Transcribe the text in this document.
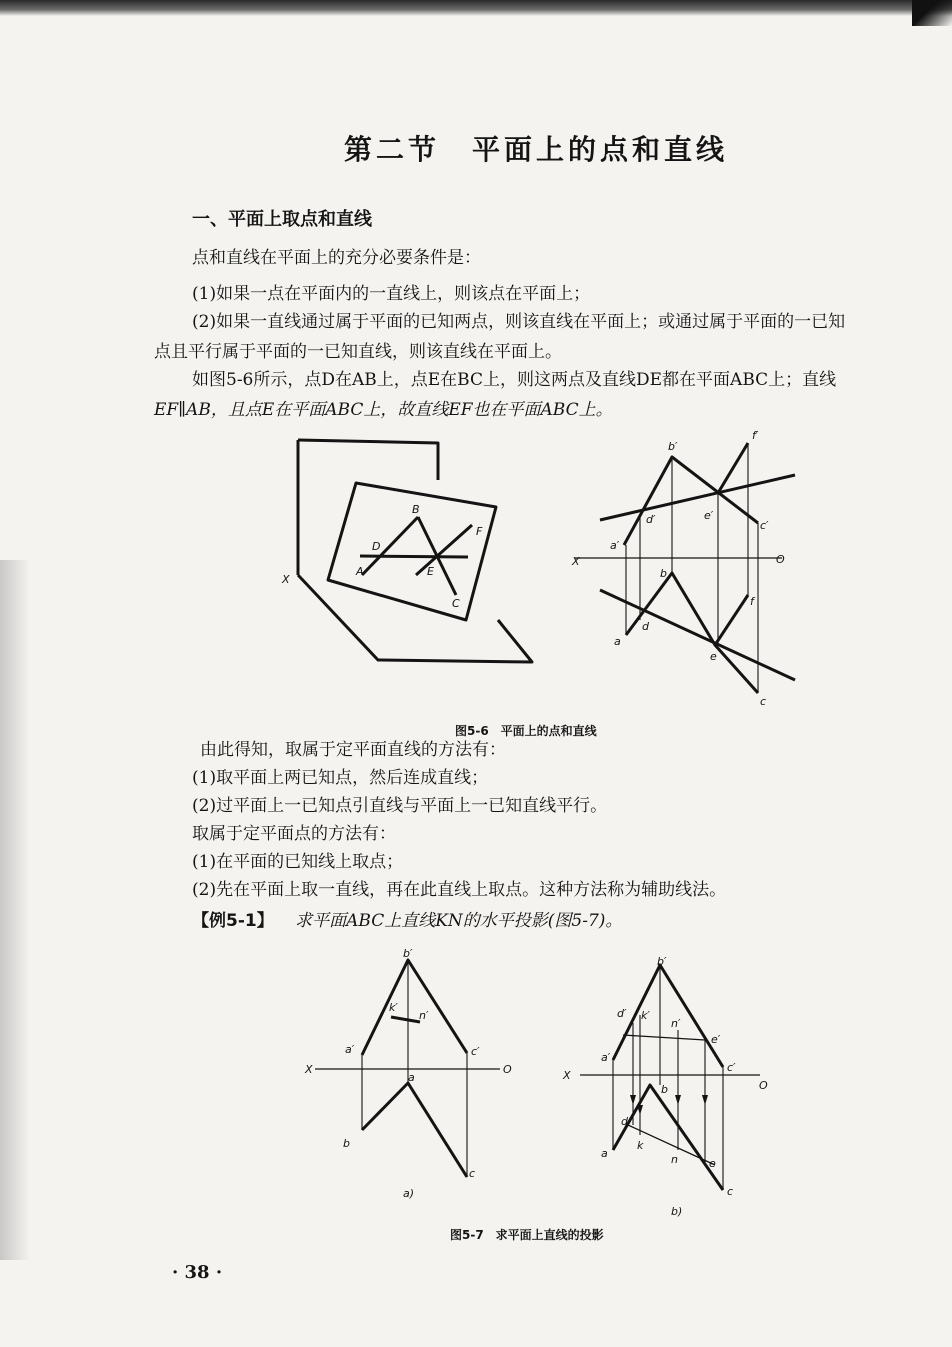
第二节　平面上的点和直线
一、平面上取点和直线
点和直线在平面上的充分必要条件是：
(1)如果一点在平面内的一直线上，则该点在平面上；
(2)如果一直线通过属于平面的已知两点，则该直线在平面上；或通过属于平面的一已知
点且平行属于平面的一已知直线，则该直线在平面上。
如图5-6所示，点D在AB上，点E在BC上，则这两点及直线DE都在平面ABC上；直线
EF∥AB，且点E在平面ABC上，故直线EF也在平面ABC上。
X
A
B
C
D
E
F
X	O
b′
f′
d′	e′
c′
a′
b
d
a
f
e
c
图5-6　平面上的点和直线
由此得知，取属于定平面直线的方法有：
(1)取平面上两已知点，然后连成直线；
(2)过平面上一已知点引直线与平面上一已知直线平行。
取属于定平面点的方法有：
(1)在平面的已知线上取点；
(2)先在平面上取一直线，再在此直线上取点。这种方法称为辅助线法。
【例5-1】 求平面ABC上直线KN的水平投影(图5-7)。
b′
k′
n′
a′	c′
X	O
a
b
c
a)
b′
d′ k′
n′
e′
a′
c′
X
O
b
d
a
k
n	e
c
b)
图5-7　求平面上直线的投影
· 38 ·
